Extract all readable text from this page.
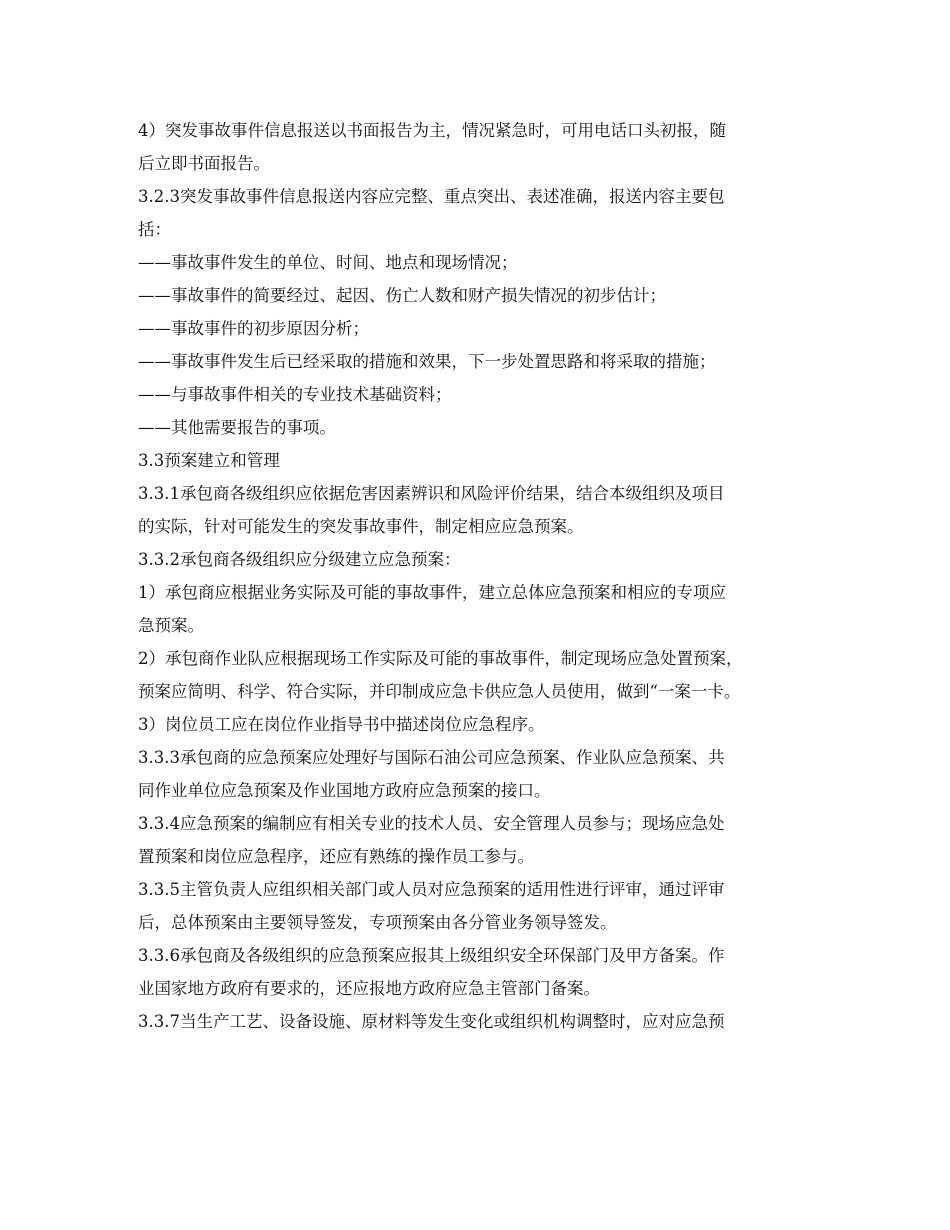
4）突发事故事件信息报送以书面报告为主，情况紧急时，可用电话口头初报，随
后立即书面报告。
3.2.3突发事故事件信息报送内容应完整、重点突出、表述准确，报送内容主要包
括：
——事故事件发生的单位、时间、地点和现场情况；
——事故事件的简要经过、起因、伤亡人数和财产损失情况的初步估计；
——事故事件的初步原因分析；
——事故事件发生后已经采取的措施和效果，下一步处置思路和将采取的措施；
——与事故事件相关的专业技术基础资料；
——其他需要报告的事项。
3.3预案建立和管理
3.3.1承包商各级组织应依据危害因素辨识和风险评价结果，结合本级组织及项目
的实际，针对可能发生的突发事故事件，制定相应应急预案。
3.3.2承包商各级组织应分级建立应急预案：
1）承包商应根据业务实际及可能的事故事件，建立总体应急预案和相应的专项应
急预案。
2）承包商作业队应根据现场工作实际及可能的事故事件，制定现场应急处置预案，
预案应简明、科学、符合实际，并印制成应急卡供应急人员使用，做到“一案一卡。
3）岗位员工应在岗位作业指导书中描述岗位应急程序。
3.3.3承包商的应急预案应处理好与国际石油公司应急预案、作业队应急预案、共
同作业单位应急预案及作业国地方政府应急预案的接口。
3.3.4应急预案的编制应有相关专业的技术人员、安全管理人员参与；现场应急处
置预案和岗位应急程序，还应有熟练的操作员工参与。
3.3.5主管负责人应组织相关部门或人员对应急预案的适用性进行评审，通过评审
后，总体预案由主要领导签发，专项预案由各分管业务领导签发。
3.3.6承包商及各级组织的应急预案应报其上级组织安全环保部门及甲方备案。作
业国家地方政府有要求的，还应报地方政府应急主管部门备案。
3.3.7当生产工艺、设备设施、原材料等发生变化或组织机构调整时，应对应急预
